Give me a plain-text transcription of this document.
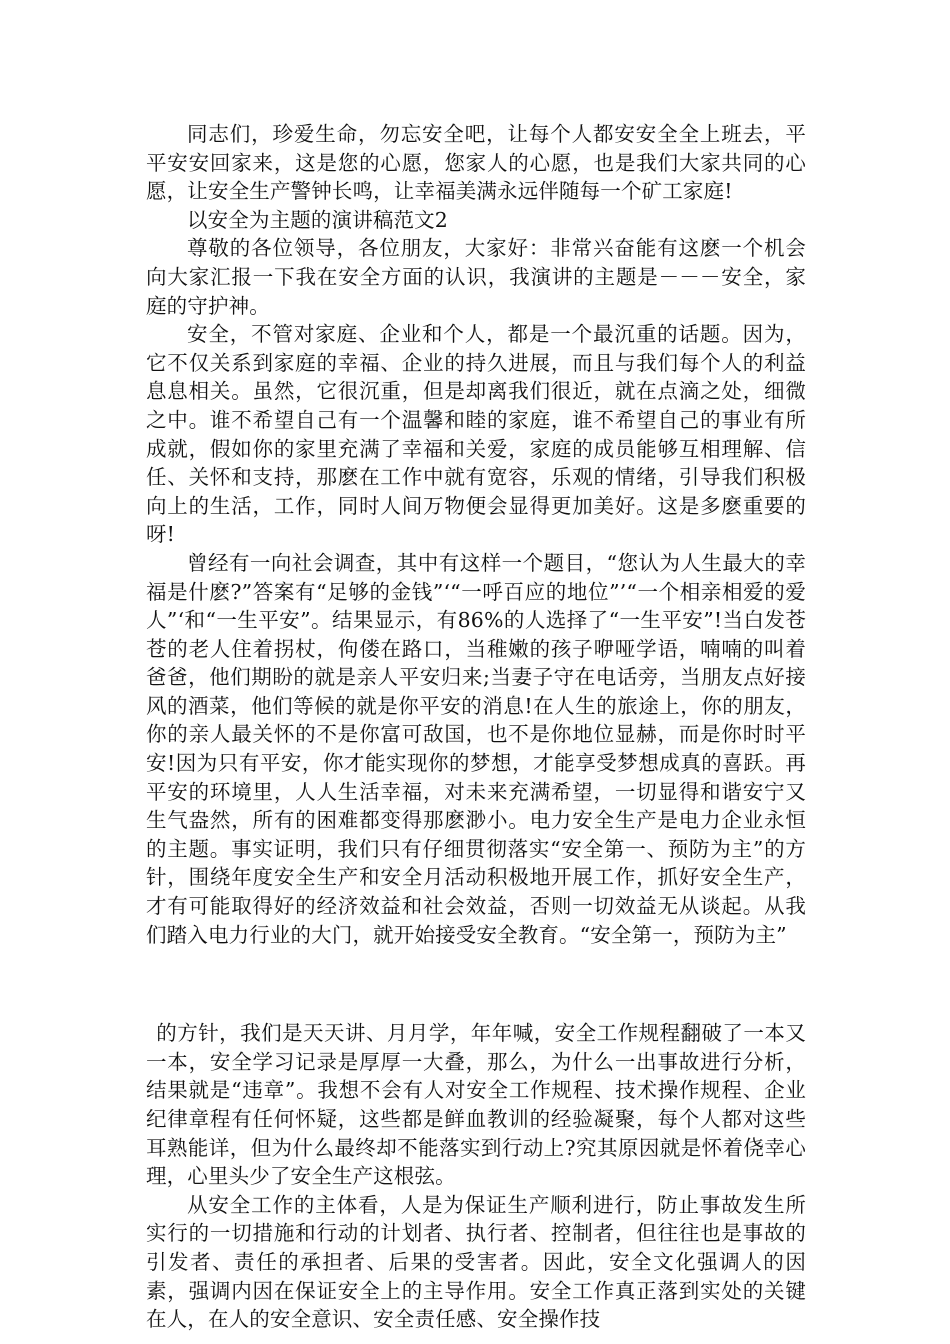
同志们，珍爱生命，勿忘安全吧，让每个人都安安全全上班去，平平安安回家来，这是您的心愿，您家人的心愿，也是我们大家共同的心愿，让安全生产警钟长鸣，让幸福美满永远伴随每一个矿工家庭!

以安全为主题的演讲稿范文2

尊敬的各位领导，各位朋友，大家好：非常兴奋能有这麽一个机会向大家汇报一下我在安全方面的认识，我演讲的主题是－－－安全，家庭的守护神。

安全，不管对家庭、企业和个人，都是一个最沉重的话题。因为，它不仅关系到家庭的幸福、企业的持久进展，而且与我们每个人的利益息息相关。虽然，它很沉重，但是却离我们很近，就在点滴之处，细微之中。谁不希望自己有一个温馨和睦的家庭，谁不希望自己的事业有所成就，假如你的家里充满了幸福和关爱，家庭的成员能够互相理解、信任、关怀和支持，那麽在工作中就有宽容，乐观的情绪，引导我们积极向上的生活，工作，同时人间万物便会显得更加美好。这是多麽重要的呀!

曾经有一向社会调查，其中有这样一个题目，“您认为人生最大的幸福是什麽?”答案有“足够的金钱”‘“一呼百应的地位”’“一个相亲相爱的爱人”‘和“一生平安”。结果显示，有86%的人选择了“一生平安”!当白发苍苍的老人住着拐杖，佝偻在路口，当稚嫩的孩子咿哑学语，喃喃的叫着爸爸，他们期盼的就是亲人平安归来;当妻子守在电话旁，当朋友点好接风的酒菜，他们等候的就是你平安的消息!在人生的旅途上，你的朋友，你的亲人最关怀的不是你富可敌国，也不是你地位显赫，而是你时时平安!因为只有平安，你才能实现你的梦想，才能享受梦想成真的喜跃。再平安的环境里，人人生活幸福，对未来充满希望，一切显得和谐安宁又生气盎然，所有的困难都变得那麽渺小。电力安全生产是电力企业永恒的主题。事实证明，我们只有仔细贯彻落实“安全第一、预防为主”的方针，围绕年度安全生产和安全月活动积极地开展工作，抓好安全生产，才有可能取得好的经济效益和社会效益，否则一切效益无从谈起。从我们踏入电力行业的大门，就开始接受安全教育。“安全第一，预防为主”

的方针，我们是天天讲、月月学，年年喊，安全工作规程翻破了一本又一本，安全学习记录是厚厚一大叠，那么，为什么一出事故进行分析，结果就是“违章”。我想不会有人对安全工作规程、技术操作规程、企业纪律章程有任何怀疑，这些都是鲜血教训的经验凝聚，每个人都对这些耳熟能详，但为什么最终却不能落实到行动上?究其原因就是怀着侥幸心理，心里头少了安全生产这根弦。

从安全工作的主体看，人是为保证生产顺利进行，防止事故发生所实行的一切措施和行动的计划者、执行者、控制者，但往往也是事故的引发者、责任的承担者、后果的受害者。因此，安全文化强调人的因素，强调内因在保证安全上的主导作用。安全工作真正落到实处的关键在人，在人的安全意识、安全责任感、安全操作技
